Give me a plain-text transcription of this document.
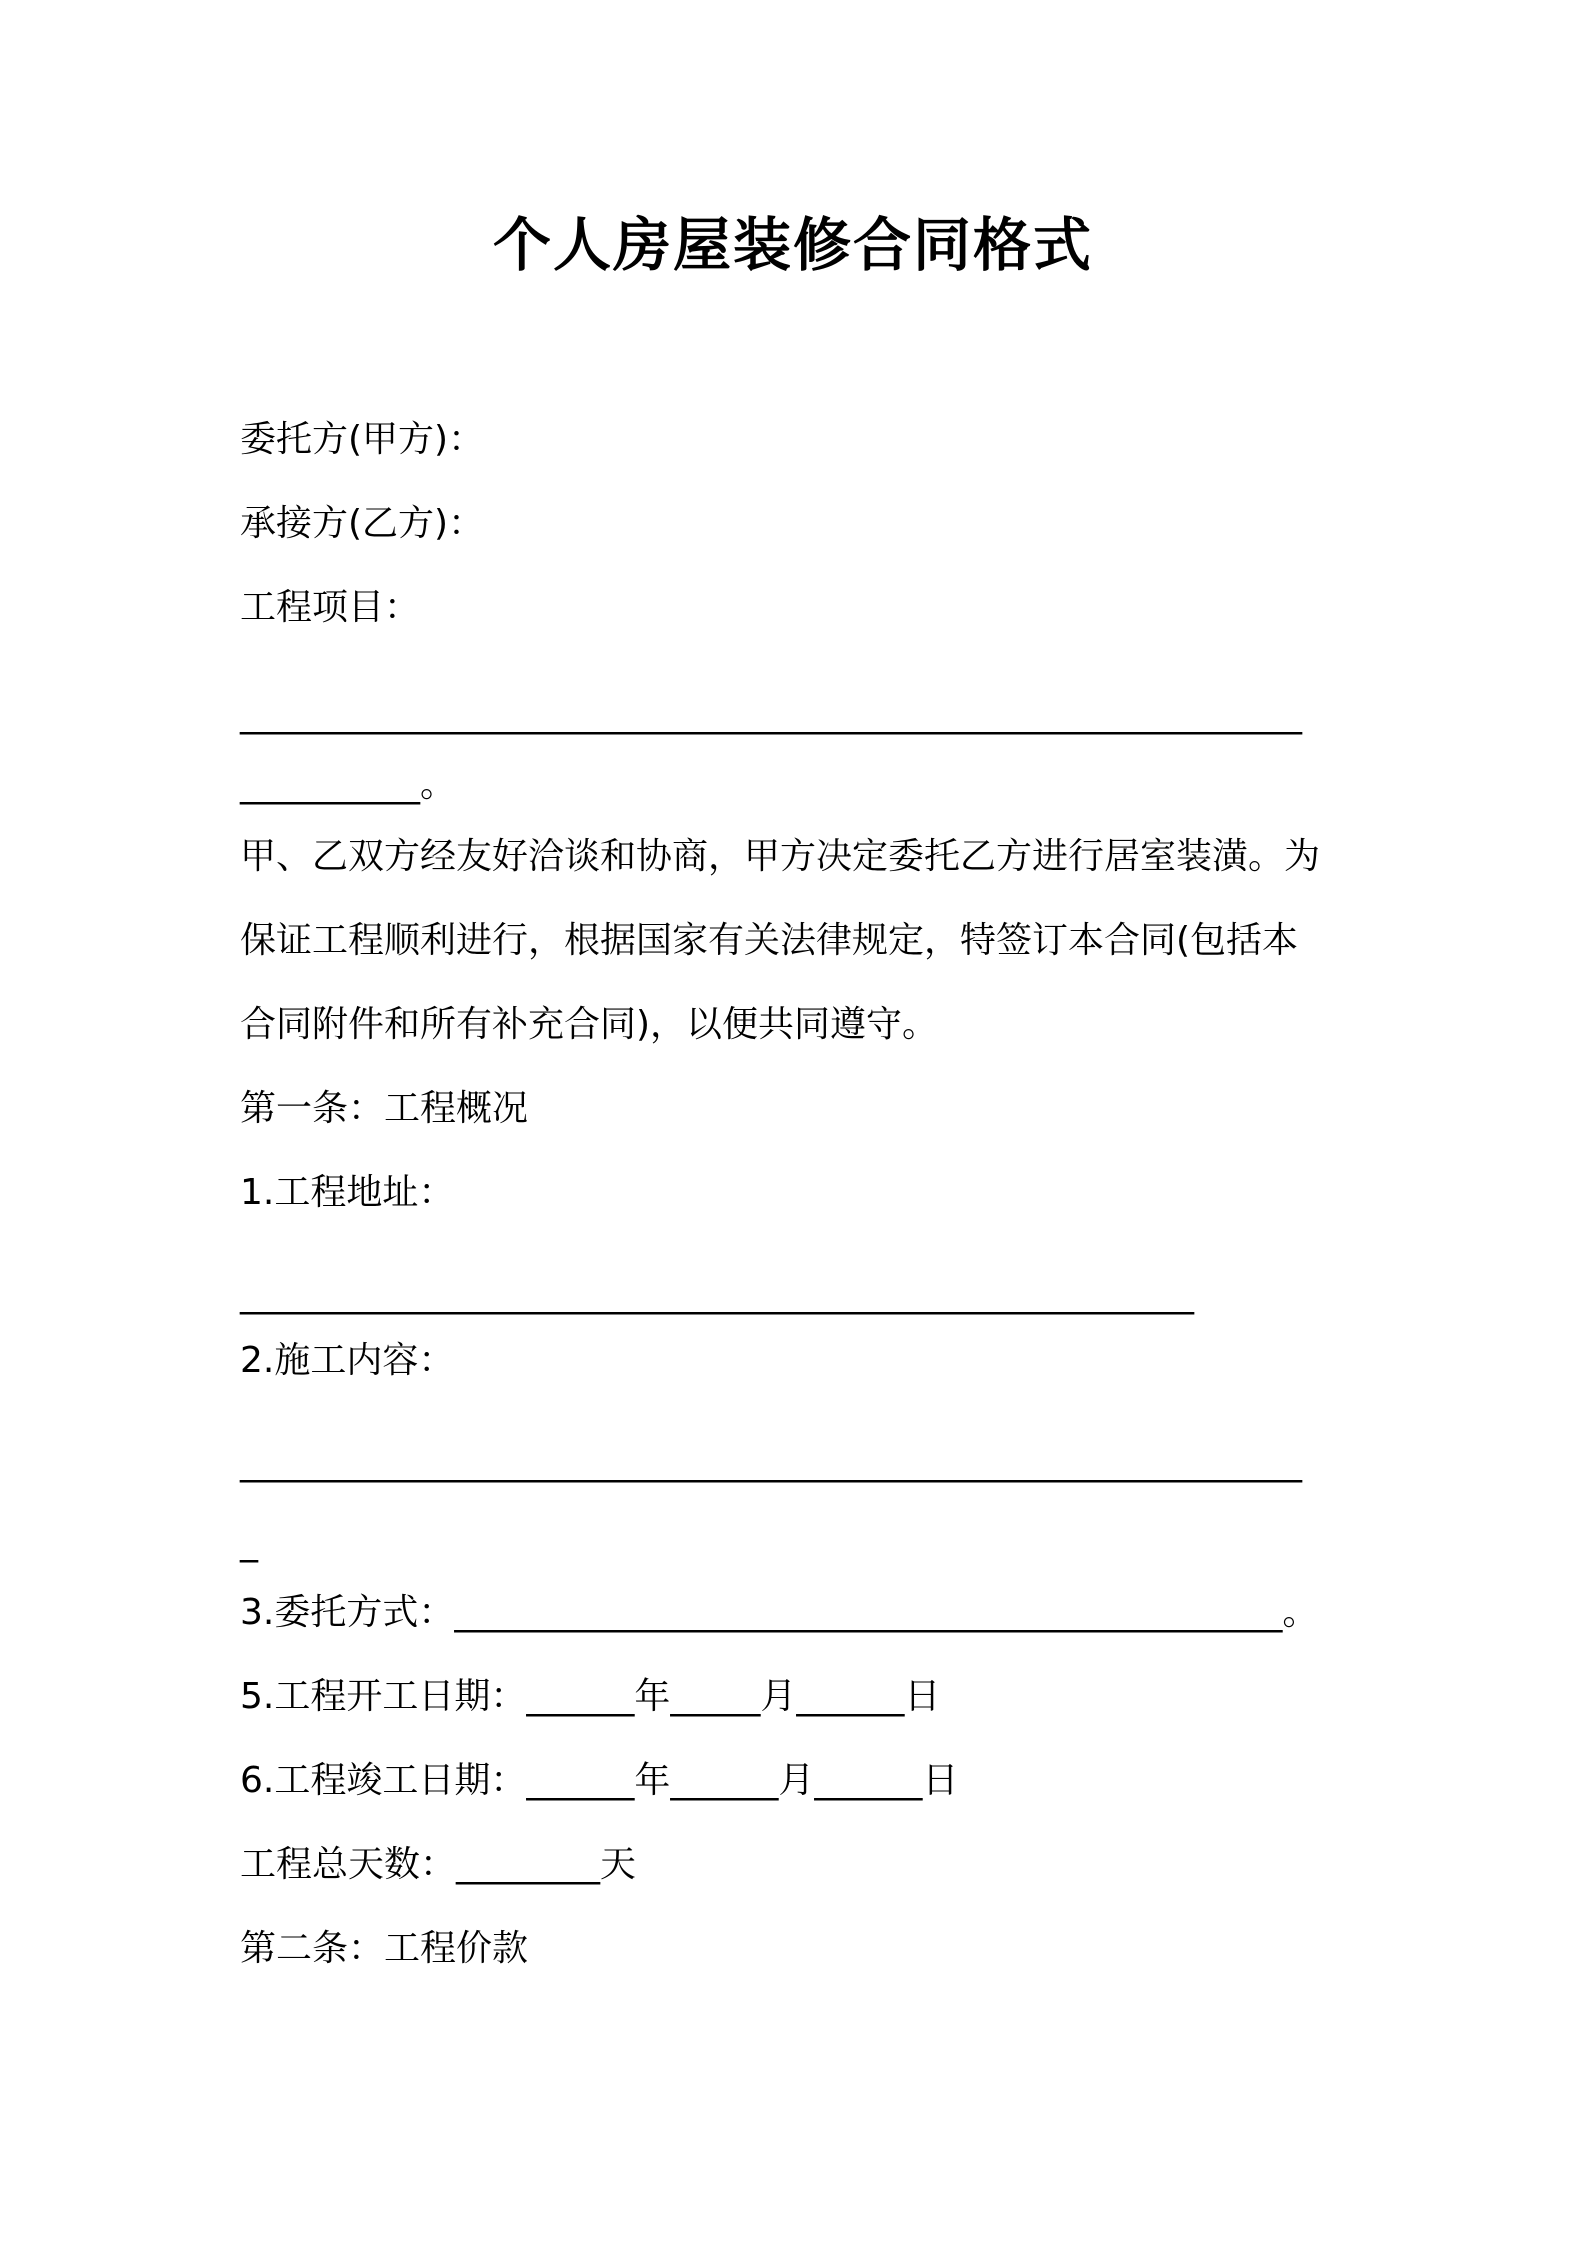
个人房屋装修合同格式
委托方(甲方)：
承接方(乙方)：
工程项目：
___________________________________________________________
__________。
甲、乙双方经友好洽谈和协商，甲方决定委托乙方进行居室装潢。为
保证工程顺利进行，根据国家有关法律规定，特签订本合同(包括本
合同附件和所有补充合同)，以便共同遵守。
第一条：工程概况
1.工程地址：
_____________________________________________________
2.施工内容：
___________________________________________________________
_
3.委托方式：______________________________________________。
5.工程开工日期：______年_____月______日
6.工程竣工日期：______年______月______日
工程总天数：________天
第二条：工程价款
